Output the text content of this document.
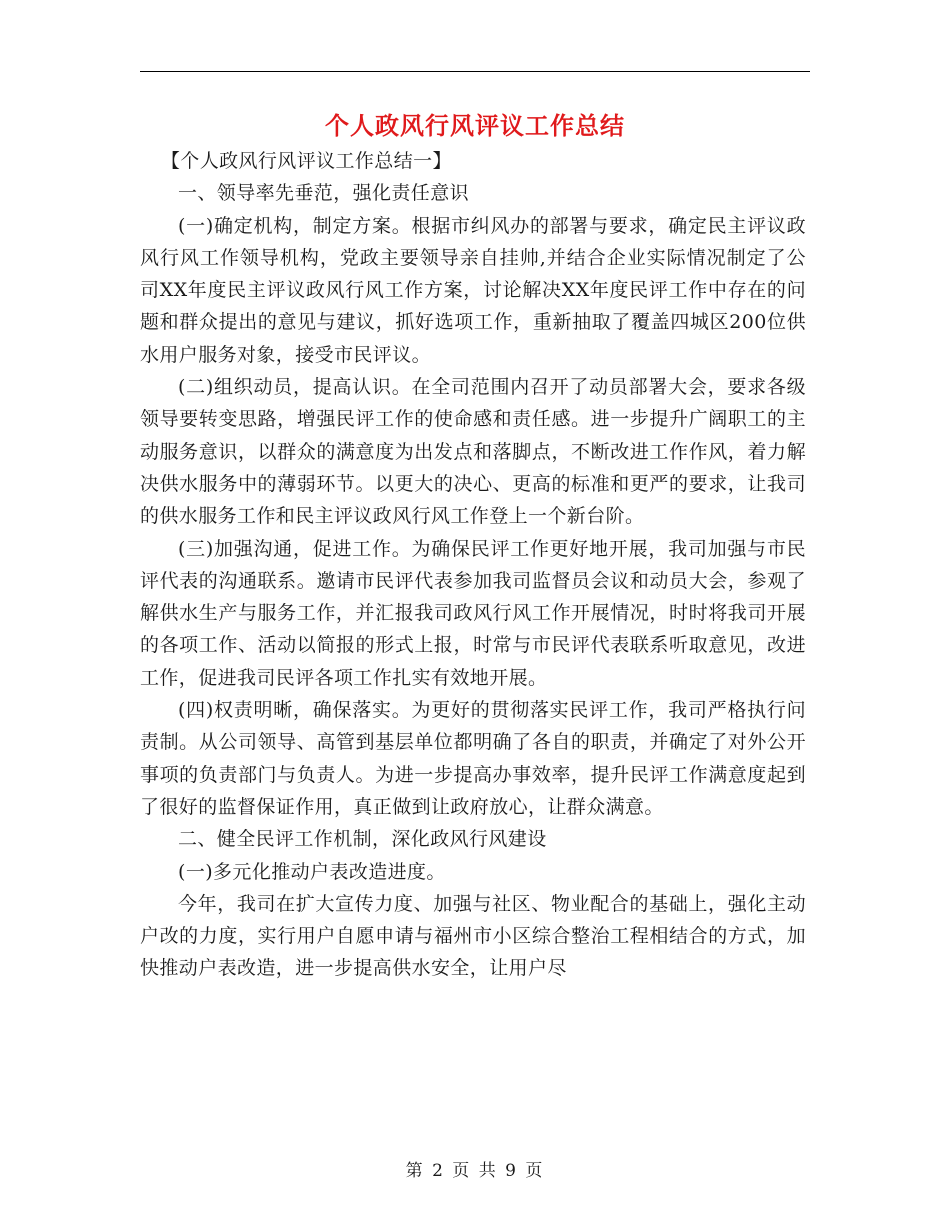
个人政风行风评议工作总结

【个人政风行风评议工作总结一】

一、领导率先垂范，强化责任意识

(一)确定机构，制定方案。根据市纠风办的部署与要求，确定民主评议政风行风工作领导机构，党政主要领导亲自挂帅,并结合企业实际情况制定了公司XX年度民主评议政风行风工作方案，讨论解决XX年度民评工作中存在的问题和群众提出的意见与建议，抓好选项工作，重新抽取了覆盖四城区200位供水用户服务对象，接受市民评议。

(二)组织动员，提高认识。在全司范围内召开了动员部署大会，要求各级领导要转变思路，增强民评工作的使命感和责任感。进一步提升广阔职工的主动服务意识，以群众的满意度为出发点和落脚点，不断改进工作作风，着力解决供水服务中的薄弱环节。以更大的决心、更高的标准和更严的要求，让我司的供水服务工作和民主评议政风行风工作登上一个新台阶。

(三)加强沟通，促进工作。为确保民评工作更好地开展，我司加强与市民评代表的沟通联系。邀请市民评代表参加我司监督员会议和动员大会，参观了解供水生产与服务工作，并汇报我司政风行风工作开展情况，时时将我司开展的各项工作、活动以简报的形式上报，时常与市民评代表联系听取意见，改进工作，促进我司民评各项工作扎实有效地开展。

(四)权责明晰，确保落实。为更好的贯彻落实民评工作，我司严格执行问责制。从公司领导、高管到基层单位都明确了各自的职责，并确定了对外公开事项的负责部门与负责人。为进一步提高办事效率，提升民评工作满意度起到了很好的监督保证作用，真正做到让政府放心，让群众满意。

二、健全民评工作机制，深化政风行风建设

(一)多元化推动户表改造进度。

今年，我司在扩大宣传力度、加强与社区、物业配合的基础上，强化主动户改的力度，实行用户自愿申请与福州市小区综合整治工程相结合的方式，加快推动户表改造，进一步提高供水安全，让用户尽

第 2 页 共 9 页
